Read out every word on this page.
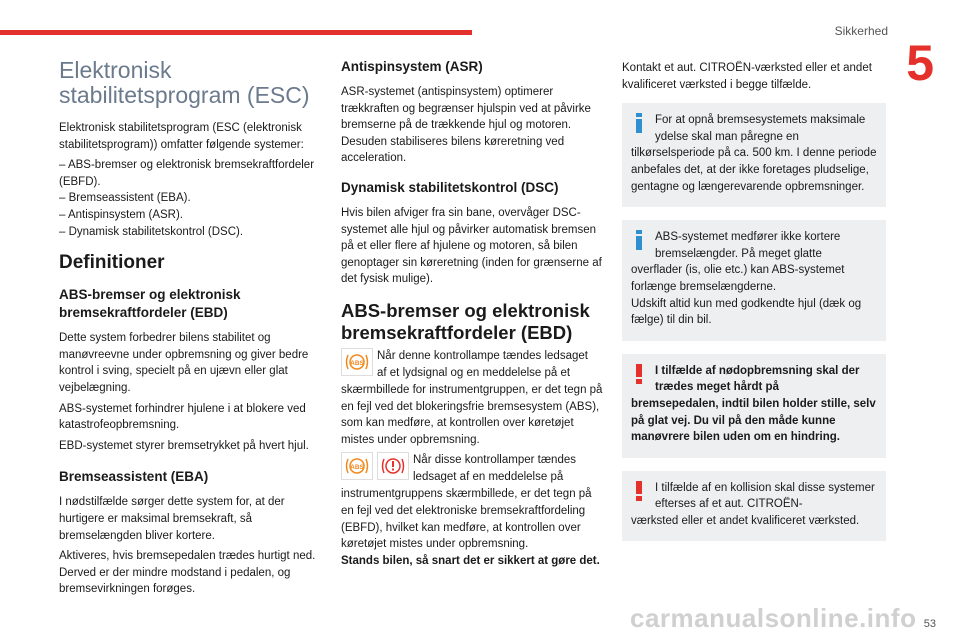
Sikkerhed
5
Elektronisk stabilitetsprogram (ESC)

Elektronisk stabilitetsprogram (ESC (elektronisk stabilitetsprogram)) omfatter følgende systemer:

– ABS-bremser og elektronisk bremsekraftfordeler (EBFD).
– Bremseassistent (EBA).
– Antispinsystem (ASR).
– Dynamisk stabilitetskontrol (DSC).

Definitioner
ABS-bremser og elektronisk bremsekraftfordeler (EBD)

Dette system forbedrer bilens stabilitet og manøvreevne under opbremsning og giver bedre kontrol i sving, specielt på en ujævn eller glat vejbelægning.

ABS-systemet forhindrer hjulene i at blokere ved katastrofeopbremsning.

EBD-systemet styrer bremsetrykket på hvert hjul.

Bremseassistent (EBA)

I nødstilfælde sørger dette system for, at der hurtigere er maksimal bremsekraft, så bremselængden bliver kortere.

Aktiveres, hvis bremsepedalen trædes hurtigt ned. Derved er der mindre modstand i pedalen, og bremsevirkningen forøges.

Antispinsystem (ASR)

ASR-systemet (antispinsystem) optimerer trækkraften og begrænser hjulspin ved at påvirke bremserne på de trækkende hjul og motoren. Desuden stabiliseres bilens køreretning ved acceleration.

Dynamisk stabilitetskontrol (DSC)

Hvis bilen afviger fra sin bane, overvåger DSC-systemet alle hjul og påvirker automatisk bremsen på et eller flere af hjulene og motoren, så bilen genoptager sin køreretning (inden for grænserne af det fysisk mulige).

ABS-bremser og elektronisk bremsekraftfordeler (EBD)
ABS

Når denne kontrollampe tændes ledsaget
af et lydsignal og en meddelelse på et

skærmbillede for instrumentgruppen, er det tegn på en fejl ved det blokeringsfrie bremsesystem (ABS), som kan medføre, at kontrollen over køretøjet mistes under opbremsning.

ABS

Når disse kontrollamper tændes
ledsaget af en meddelelse på

instrumentgruppens skærmbillede, er det tegn på en fejl ved det elektroniske bremsekraftfordeling (EBFD), hvilket kan medføre, at kontrollen over køretøjet mistes under opbremsning.

Stands bilen, så snart det er sikkert at gøre det.

Kontakt et aut. CITROËN-værksted eller et andet kvalificeret værksted i begge tilfælde.

For at opnå bremsesystemets maksimale ydelse skal man påregne en

tilkørselsperiode på ca. 500 km. I denne periode anbefales det, at der ikke foretages pludselige, gentagne og længerevarende opbremsninger.

ABS-systemet medfører ikke kortere bremselængder. På meget glatte

overflader (is, olie etc.) kan ABS-systemet forlænge bremselængderne.

Udskift altid kun med godkendte hjul (dæk og fælge) til din bil.

I tilfælde af nødopbremsning skal der trædes meget hårdt på

bremsepedalen, indtil bilen holder stille, selv på glat vej. Du vil på den måde kunne manøvrere bilen uden om en hindring.

I tilfælde af en kollision skal disse systemer efterses af et aut. CITROËN-

værksted eller et andet kvalificeret værksted.

carmanualsonline.info 53
